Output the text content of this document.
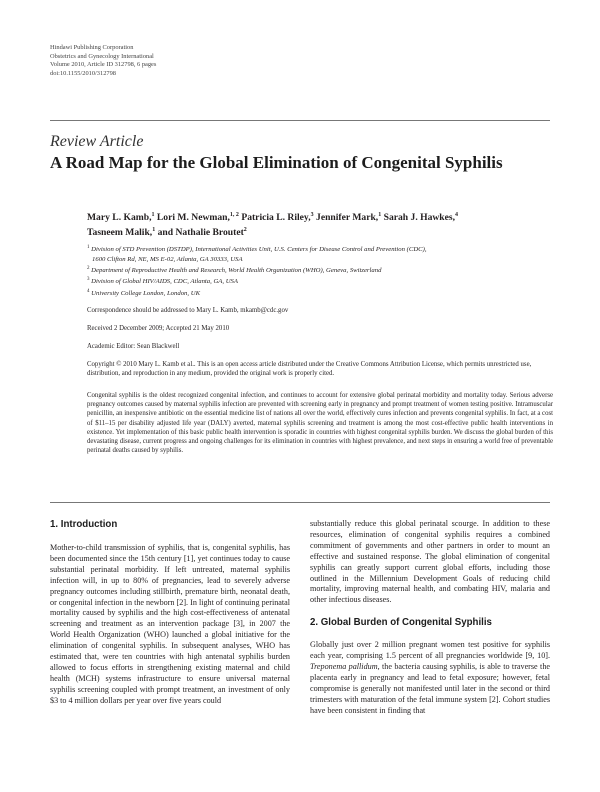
Hindawi Publishing Corporation
Obstetrics and Gynecology International
Volume 2010, Article ID 312798, 6 pages
doi:10.1155/2010/312798
Review Article
A Road Map for the Global Elimination of Congenital Syphilis
Mary L. Kamb,$^1$ Lori M. Newman,$^{1, 2}$ Patricia L. Riley,$^3$ Jennifer Mark,$^1$ Sarah J. Hawkes,$^4$
Tasneem Malik,$^1$ and Nathalie Broutet$^2$
$^1$ Division of STD Prevention (DSTDP), International Activities Unit, U.S. Centers for Disease Control and Prevention (CDC),
1600 Clifton Rd, NE, MS E-02, Atlanta, GA 30333, USA
$^2$ Department of Reproductive Health and Research, World Health Organization (WHO), Geneva, Switzerland
$^3$ Division of Global HIV/AIDS, CDC, Atlanta, GA, USA
$^4$ University College London, London, UK
Correspondence should be addressed to Mary L. Kamb, mkamb@cdc.gov
Received 2 December 2009; Accepted 21 May 2010
Academic Editor: Sean Blackwell
Copyright © 2010 Mary L. Kamb et al.. This is an open access article distributed under the Creative Commons Attribution License, which permits unrestricted use, distribution, and reproduction in any medium, provided the original work is properly cited.
Congenital syphilis is the oldest recognized congenital infection, and continues to account for extensive global perinatal morbidity and mortality today. Serious adverse pregnancy outcomes caused by maternal syphilis infection are prevented with screening early in pregnancy and prompt treatment of women testing positive. Intramuscular penicillin, an inexpensive antibiotic on the essential medicine list of nations all over the world, effectively cures infection and prevents congenital syphilis. In fact, at a cost of $11–15 per disability adjusted life year (DALY) averted, maternal syphilis screening and treatment is among the most cost-effective public health interventions in existence. Yet implementation of this basic public health intervention is sporadic in countries with highest congenital syphilis burden. We discuss the global burden of this devastating disease, current progress and ongoing challenges for its elimination in countries with highest prevalence, and next steps in ensuring a world free of preventable perinatal deaths caused by syphilis.
1. Introduction

Mother-to-child transmission of syphilis, that is, congenital syphilis, has been documented since the 15th century [1], yet continues today to cause substantial perinatal morbidity. If left untreated, maternal syphilis infection will, in up to 80% of pregnancies, lead to severely adverse pregnancy outcomes including stillbirth, premature birth, neonatal death, or congenital infection in the newborn [2]. In light of continuing perinatal mortality caused by syphilis and the high cost-effectiveness of antenatal screening and treatment as an intervention package [3], in 2007 the World Health Organization (WHO) launched a global initiative for the elimination of congenital syphilis. In subsequent analyses, WHO has estimated that, were ten countries with high antenatal syphilis burden allowed to focus efforts in strengthening existing maternal and child health (MCH) systems infrastructure to ensure universal maternal syphilis screening coupled with prompt treatment, an investment of only $3 to 4 million dollars per year over five years could

substantially reduce this global perinatal scourge. In addition to these resources, elimination of congenital syphilis requires a combined commitment of governments and other partners in order to mount an effective and sustained response. The global elimination of congenital syphilis can greatly support current global efforts, including those outlined in the Millennium Development Goals of reducing child mortality, improving maternal health, and combating HIV, malaria and other infectious diseases.

2. Global Burden of Congenital Syphilis

Globally just over 2 million pregnant women test positive for syphilis each year, comprising 1.5 percent of all pregnancies worldwide [9, 10]. Treponema pallidum, the bacteria causing syphilis, is able to traverse the placenta early in pregnancy and lead to fetal exposure; however, fetal compromise is generally not manifested until later in the second or third trimesters with maturation of the fetal immune system [2]. Cohort studies have been consistent in finding that
